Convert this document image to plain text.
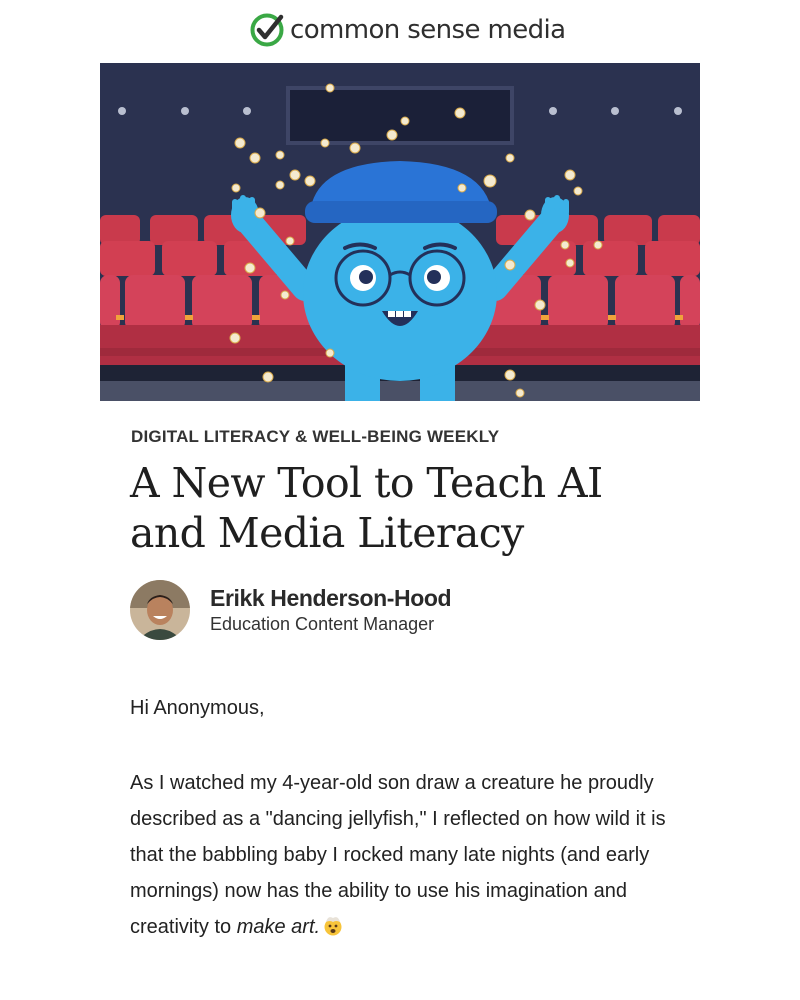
common sense media
DIGITAL LITERACY & WELL-BEING WEEKLY
A New Tool to Teach AI and Media Literacy
Erikk Henderson-Hood
Education Content Manager
Hi Anonymous,

As I watched my 4-year-old son draw a creature he proudly described as a "dancing jellyfish," I reflected on how wild it is that the babbling baby I rocked many late nights (and early mornings) now has the ability to use his imagination and creativity to make art.
